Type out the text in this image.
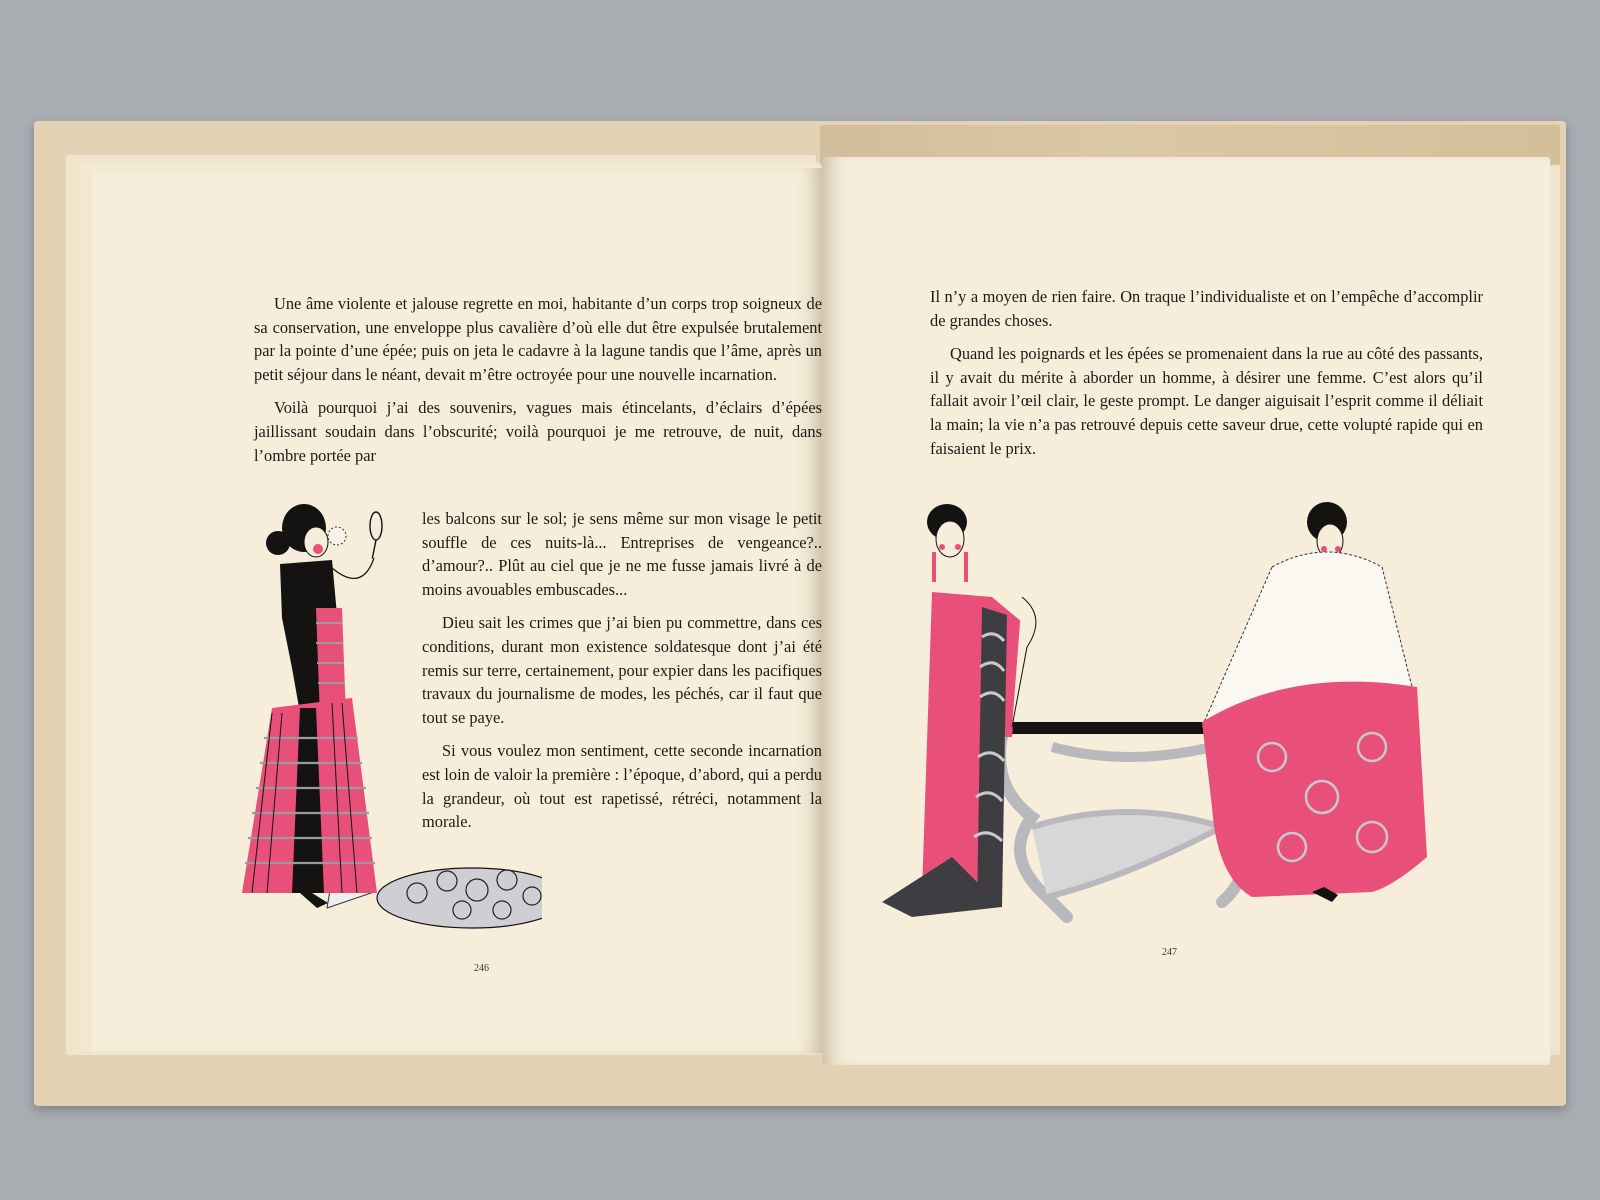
Une âme violente et jalouse regrette en moi, habitante d’un corps trop soigneux de sa conservation, une enveloppe plus cavalière d’où elle dut être expulsée brutalement par la pointe d’une épée; puis on jeta le cadavre à la lagune tandis que l’âme, après un petit séjour dans le néant, devait m’être octroyée pour une nouvelle incarnation.

Voilà pourquoi j’ai des souvenirs, vagues mais étincelants, d’éclairs d’épées jaillissant soudain dans l’obscurité; voilà pourquoi je me retrouve, de nuit, dans l’ombre portée par

les balcons sur le sol; je sens même sur mon visage le petit souffle de ces nuits-là... Entreprises de vengeance?.. d’amour?.. Plût au ciel que je ne me fusse jamais livré à de moins avouables embuscades...

Dieu sait les crimes que j’ai bien pu commettre, dans ces conditions, durant mon existence soldatesque dont j’ai été remis sur terre, certainement, pour expier dans les pacifiques travaux du journalisme de modes, les péchés, car il faut que tout se paye.

Si vous voulez mon sentiment, cette seconde incarnation est loin de valoir la première : l’époque, d’abord, qui a perdu la grandeur, où tout est rapetissé, rétréci, notamment la morale.

246

Il n’y a moyen de rien faire. On traque l’individualiste et on l’empêche d’accomplir de grandes choses.

Quand les poignards et les épées se promenaient dans la rue au côté des passants, il y avait du mérite à aborder un homme, à désirer une femme. C’est alors qu’il fallait avoir l’œil clair, le geste prompt. Le danger aiguisait l’esprit comme il déliait la main; la vie n’a pas retrouvé depuis cette saveur drue, cette volupté rapide qui en faisaient le prix.

247
